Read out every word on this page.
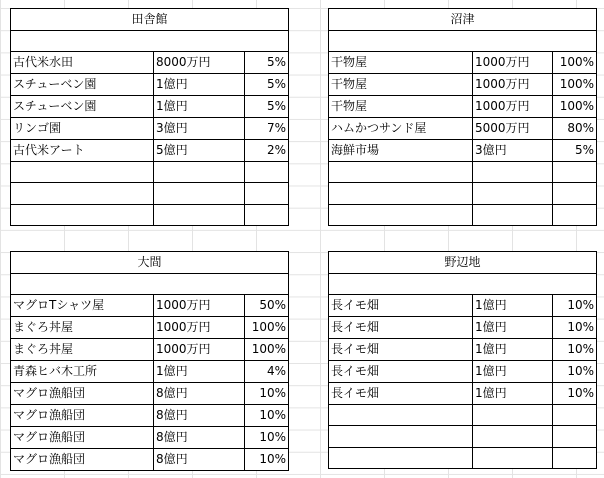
田舎館		

古代米水田	8000万円	5%
スチューベン園	1億円	5%
スチューベン園	1億円	5%
リンゴ園	3億円	7%
古代米アート	5億円	2%

沼津		

干物屋	1000万円	100%
干物屋	1000万円	100%
干物屋	1000万円	100%
ハムかつサンド屋	5000万円	80%
海鮮市場	3億円	5%

大間		

マグロTシャツ屋	1000万円	50%
まぐろ丼屋	1000万円	100%
まぐろ丼屋	1000万円	100%
青森ヒバ木工所	1億円	4%
マグロ漁船団	8億円	10%
マグロ漁船団	8億円	10%
マグロ漁船団	8億円	10%
マグロ漁船団	8億円	10%
野辺地		

長イモ畑	1億円	10%
長イモ畑	1億円	10%
長イモ畑	1億円	10%
長イモ畑	1億円	10%
長イモ畑	1億円	10%
